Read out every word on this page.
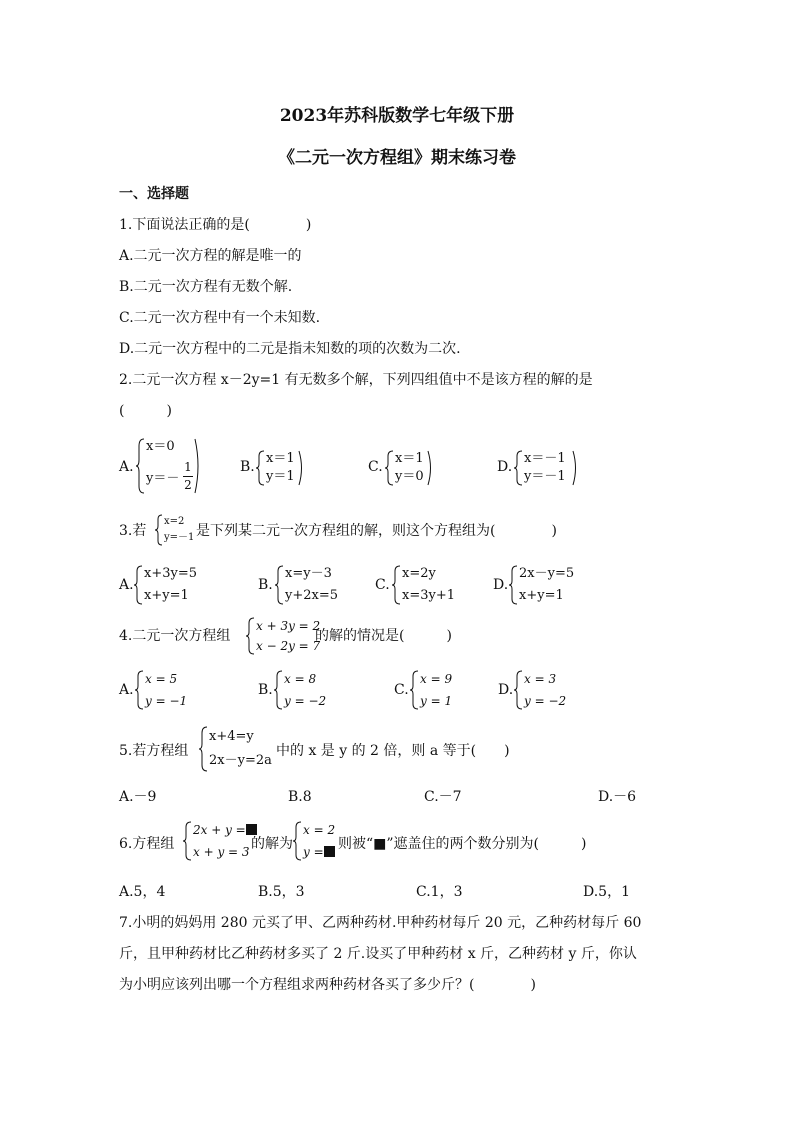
2023年苏科版数学七年级下册
《二元一次方程组》期末练习卷
一、选择题
1.下面说法正确的是(　　　　)
A.二元一次方程的解是唯一的
B.二元一次方程有无数个解.
C.二元一次方程中有一个未知数.
D.二元一次方程中的二元是指未知数的项的次数为二次.
2.二元一次方程 x－2y=1 有无数多个解，下列四组值中不是该方程的解的是
(　　　)
A.
x＝0
y＝－
1
2
B.
x＝1
y＝1
C.
x＝1
y＝0
D.
x＝－1
y＝－1
3.若
x=2
y=－1 是下列某二元一次方程组的解，则这个方程组为(　　　　)
A.
x+3y=5
x+y=1
B.
x=y－3
y+2x=5
C.
x=2y
x=3y+1
D.
2x－y=5
x+y=1
4.二元一次方程组
x + 3y = 2
x − 2y = 7
的解的情况是(　　　)
A.
x = 5
y = −1
B.
x = 8
y = −2
C.
x = 9
y = 1
D.
x = 3
y = −2
5.若方程组
x+4=y
2x－y=2a
中的 x 是 y 的 2 倍，则 a 等于(　　)
A.－9	B.8	C.－7	D.－6
6.方程组
2x + y =
x + y = 3 的解为
x = 2
y =	则被“■”遮盖住的两个数分别为(　　　)
A.5，4	B.5，3	C.1，3	D.5，1
7.小明的妈妈用 280 元买了甲、乙两种药材.甲种药材每斤 20 元，乙种药材每斤 60
斤，且甲种药材比乙种药材多买了 2 斤.设买了甲种药材 x 斤，乙种药材 y 斤，你认
为小明应该列出哪一个方程组求两种药材各买了多少斤？(　　　　)
